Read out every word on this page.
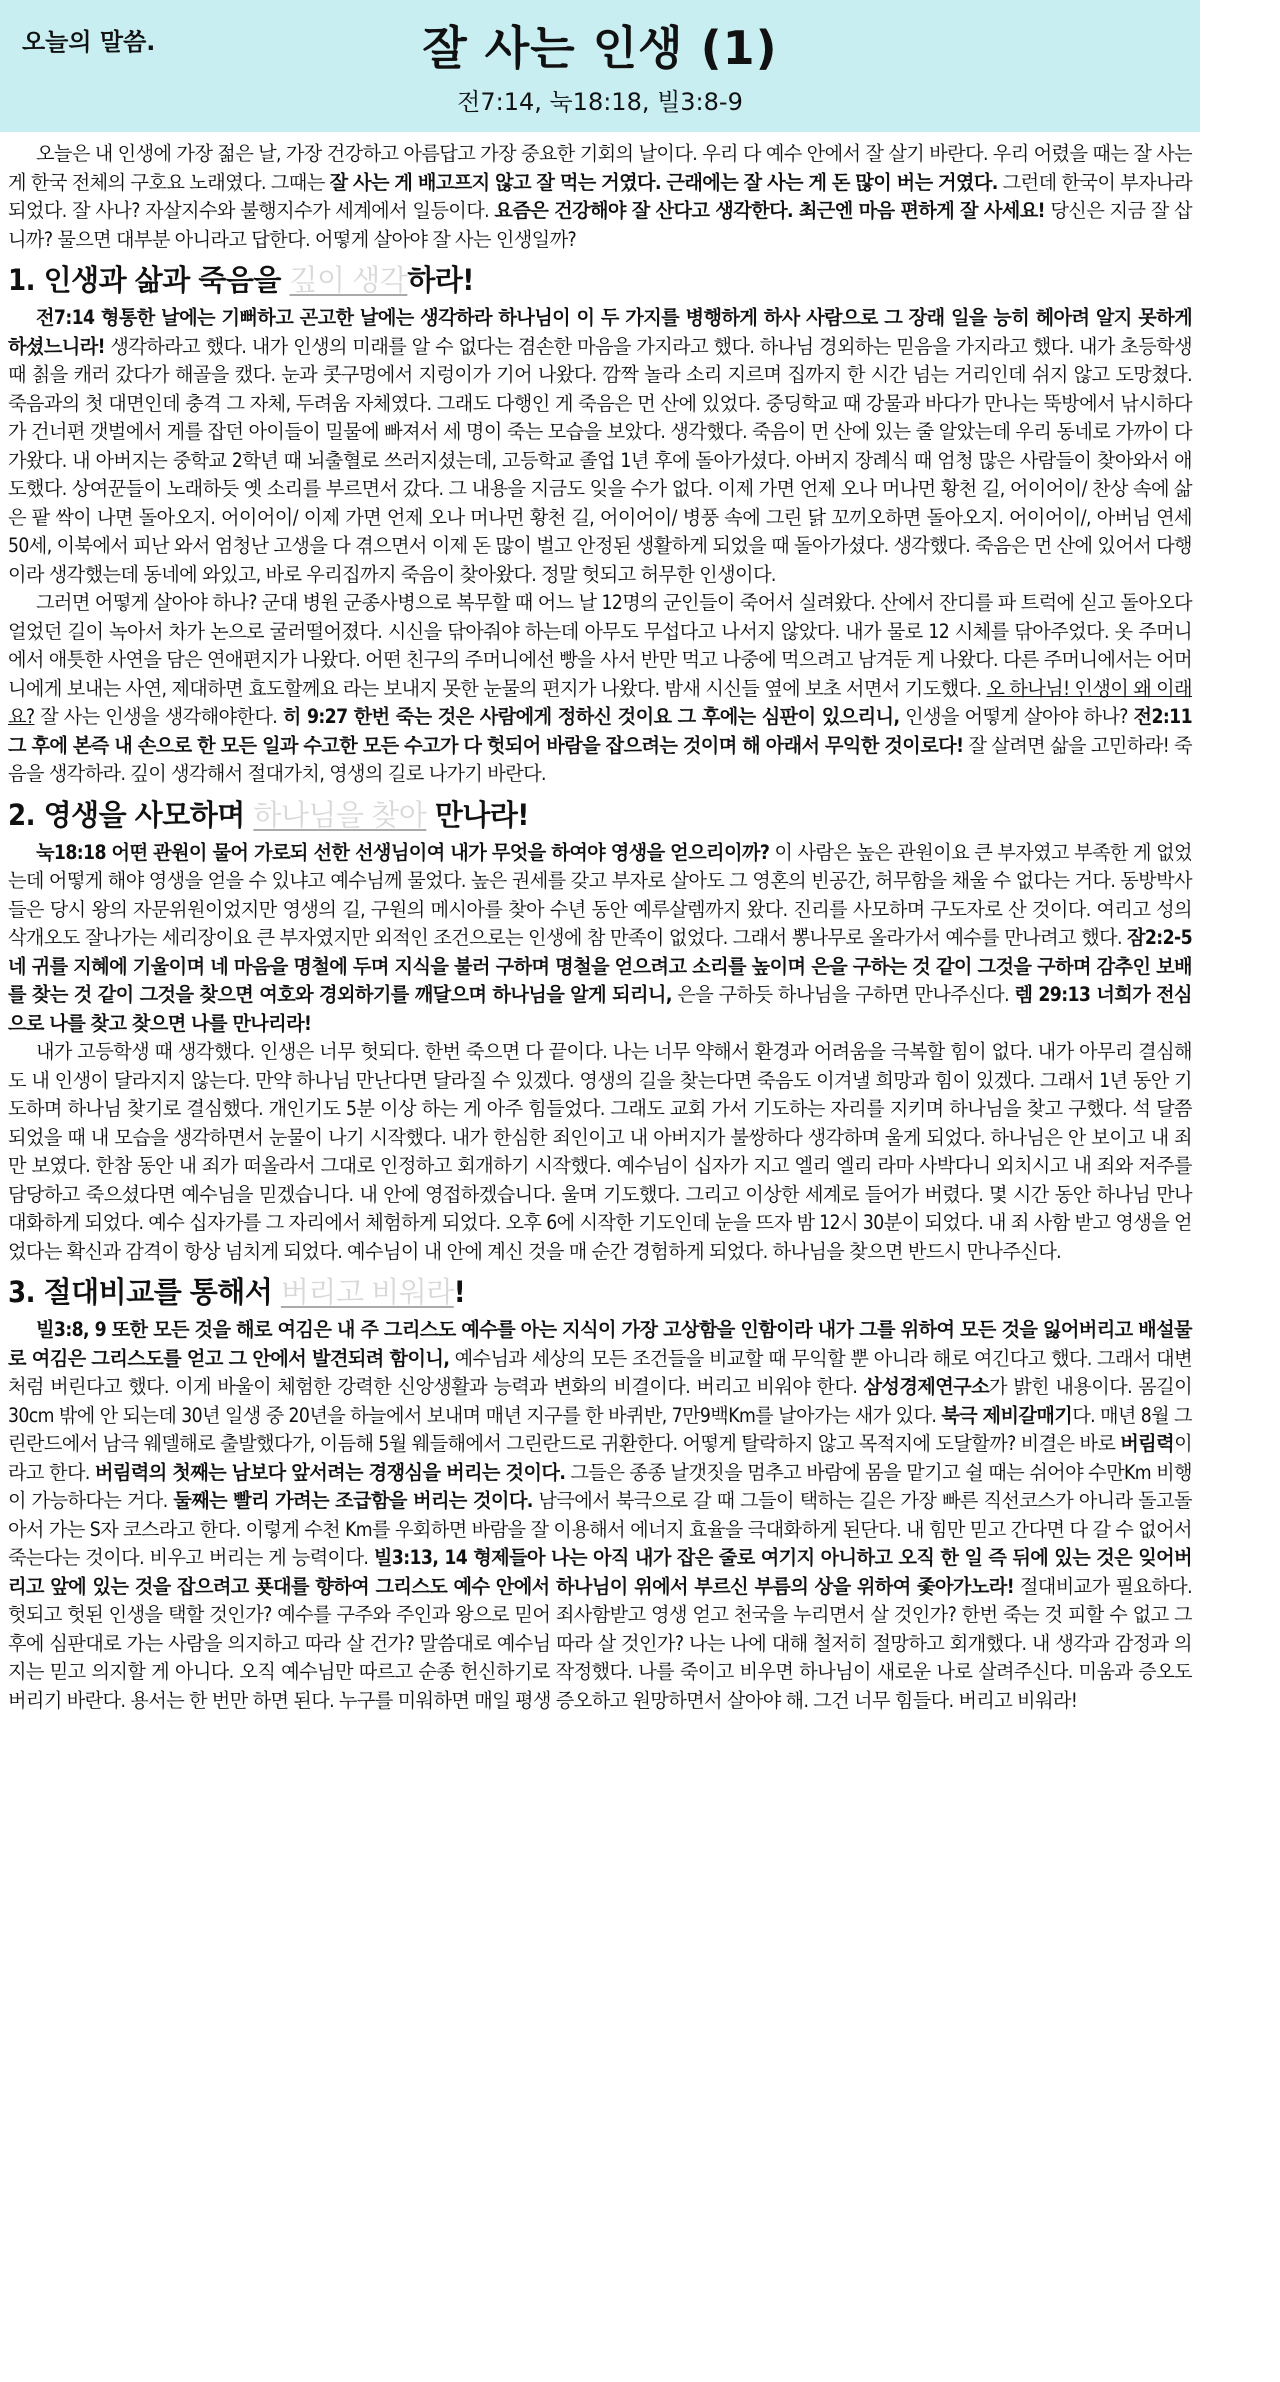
오늘의 말씀.	잘 사는 인생 (1)
전7:14, 눅18:18, 빌3:8-9

오늘은 내 인생에 가장 젊은 날, 가장 건강하고 아름답고 가장 중요한 기회의 날이다. 우리 다 예수 안에서 잘 살기 바란다. 우리 어렸을 때는 잘 사는 게 한국 전체의 구호요 노래였다. 그때는 잘 사는 게 배고프지 않고 잘 먹는 거였다. 근래에는 잘 사는 게 돈 많이 버는 거였다. 그런데 한국이 부자나라 되었다. 잘 사나? 자살지수와 불행지수가 세계에서 일등이다. 요즘은 건강해야 잘 산다고 생각한다. 최근엔 마음 편하게 잘 사세요! 당신은 지금 잘 삽니까? 물으면 대부분 아니라고 답한다. 어떻게 살아야 잘 사는 인생일까?

1. 인생과 삶과 죽음을 깊이 생각하라!

전7:14 형통한 날에는 기뻐하고 곤고한 날에는 생각하라 하나님이 이 두 가지를 병행하게 하사 사람으로 그 장래 일을 능히 헤아려 알지 못하게 하셨느니라! 생각하라고 했다. 내가 인생의 미래를 알 수 없다는 겸손한 마음을 가지라고 했다. 하나님 경외하는 믿음을 가지라고 했다. 내가 초등학생 때 칡을 캐러 갔다가 해골을 캤다. 눈과 콧구멍에서 지렁이가 기어 나왔다. 깜짝 놀라 소리 지르며 집까지 한 시간 넘는 거리인데 쉬지 않고 도망쳤다. 죽음과의 첫 대면인데 충격 그 자체, 두려움 자체였다. 그래도 다행인 게 죽음은 먼 산에 있었다. 중딩학교 때 강물과 바다가 만나는 뚝방에서 낚시하다가 건너편 갯벌에서 게를 잡던 아이들이 밀물에 빠져서 세 명이 죽는 모습을 보았다. 생각했다. 죽음이 먼 산에 있는 줄 알았는데 우리 동네로 가까이 다가왔다. 내 아버지는 중학교 2학년 때 뇌출혈로 쓰러지셨는데, 고등학교 졸업 1년 후에 돌아가셨다. 아버지 장례식 때 엄청 많은 사람들이 찾아와서 애도했다. 상여꾼들이 노래하듯 옛 소리를 부르면서 갔다. 그 내용을 지금도 잊을 수가 없다. 이제 가면 언제 오나 머나먼 황천 길, 어이어이/ 찬상 속에 삶은 팥 싹이 나면 돌아오지. 어이어이/ 이제 가면 언제 오나 머나먼 황천 길, 어이어이/ 병풍 속에 그린 닭 꼬끼오하면 돌아오지. 어이어이/, 아버님 연세 50세, 이북에서 피난 와서 엄청난 고생을 다 겪으면서 이제 돈 많이 벌고 안정된 생활하게 되었을 때 돌아가셨다. 생각했다. 죽음은 먼 산에 있어서 다행이라 생각했는데 동네에 와있고, 바로 우리집까지 죽음이 찾아왔다. 정말 헛되고 허무한 인생이다.

그러면 어떻게 살아야 하나? 군대 병원 군종사병으로 복무할 때 어느 날 12명의 군인들이 죽어서 실려왔다. 산에서 잔디를 파 트럭에 싣고 돌아오다 얼었던 길이 녹아서 차가 논으로 굴러떨어졌다. 시신을 닦아줘야 하는데 아무도 무섭다고 나서지 않았다. 내가 물로 12 시체를 닦아주었다. 옷 주머니에서 애틋한 사연을 담은 연애편지가 나왔다. 어떤 친구의 주머니에선 빵을 사서 반만 먹고 나중에 먹으려고 남겨둔 게 나왔다. 다른 주머니에서는 어머니에게 보내는 사연, 제대하면 효도할께요 라는 보내지 못한 눈물의 편지가 나왔다. 밤새 시신들 옆에 보초 서면서 기도했다. 오 하나님! 인생이 왜 이래요? 잘 사는 인생을 생각해야한다. 히 9:27 한번 죽는 것은 사람에게 정하신 것이요 그 후에는 심판이 있으리니, 인생을 어떻게 살아야 하나? 전2:11 그 후에 본즉 내 손으로 한 모든 일과 수고한 모든 수고가 다 헛되어 바람을 잡으려는 것이며 해 아래서 무익한 것이로다! 잘 살려면 삶을 고민하라! 죽음을 생각하라. 깊이 생각해서 절대가치, 영생의 길로 나가기 바란다.

2. 영생을 사모하며 하나님을 찾아 만나라!

눅18:18 어떤 관원이 물어 가로되 선한 선생님이여 내가 무엇을 하여야 영생을 얻으리이까? 이 사람은 높은 관원이요 큰 부자였고 부족한 게 없었는데 어떻게 해야 영생을 얻을 수 있냐고 예수님께 물었다. 높은 권세를 갖고 부자로 살아도 그 영혼의 빈공간, 허무함을 채울 수 없다는 거다. 동방박사들은 당시 왕의 자문위원이었지만 영생의 길, 구원의 메시아를 찾아 수년 동안 예루살렘까지 왔다. 진리를 사모하며 구도자로 산 것이다. 여리고 성의 삭개오도 잘나가는 세리장이요 큰 부자였지만 외적인 조건으로는 인생에 참 만족이 없었다. 그래서 뽕나무로 올라가서 예수를 만나려고 했다. 잠2:2-5 네 귀를 지혜에 기울이며 네 마음을 명철에 두며 지식을 불러 구하며 명철을 얻으려고 소리를 높이며 은을 구하는 것 같이 그것을 구하며 감추인 보배를 찾는 것 같이 그것을 찾으면 여호와 경외하기를 깨달으며 하나님을 알게 되리니, 은을 구하듯 하나님을 구하면 만나주신다. 렘 29:13 너희가 전심으로 나를 찾고 찾으면 나를 만나리라!

내가 고등학생 때 생각했다. 인생은 너무 헛되다. 한번 죽으면 다 끝이다. 나는 너무 약해서 환경과 어려움을 극복할 힘이 없다. 내가 아무리 결심해도 내 인생이 달라지지 않는다. 만약 하나님 만난다면 달라질 수 있겠다. 영생의 길을 찾는다면 죽음도 이겨낼 희망과 힘이 있겠다. 그래서 1년 동안 기도하며 하나님 찾기로 결심했다. 개인기도 5분 이상 하는 게 아주 힘들었다. 그래도 교회 가서 기도하는 자리를 지키며 하나님을 찾고 구했다. 석 달쯤 되었을 때 내 모습을 생각하면서 눈물이 나기 시작했다. 내가 한심한 죄인이고 내 아버지가 불쌍하다 생각하며 울게 되었다. 하나님은 안 보이고 내 죄만 보였다. 한참 동안 내 죄가 떠올라서 그대로 인정하고 회개하기 시작했다. 예수님이 십자가 지고 엘리 엘리 라마 사박다니 외치시고 내 죄와 저주를 담당하고 죽으셨다면 예수님을 믿겠습니다. 내 안에 영접하겠습니다. 울며 기도했다. 그리고 이상한 세계로 들어가 버렸다. 몇 시간 동안 하나님 만나 대화하게 되었다. 예수 십자가를 그 자리에서 체험하게 되었다. 오후 6에 시작한 기도인데 눈을 뜨자 밤 12시 30분이 되었다. 내 죄 사함 받고 영생을 얻었다는 확신과 감격이 항상 넘치게 되었다. 예수님이 내 안에 계신 것을 매 순간 경험하게 되었다. 하나님을 찾으면 반드시 만나주신다.

3. 절대비교를 통해서 버리고 비워라!

빌3:8, 9 또한 모든 것을 해로 여김은 내 주 그리스도 예수를 아는 지식이 가장 고상함을 인함이라 내가 그를 위하여 모든 것을 잃어버리고 배설물로 여김은 그리스도를 얻고 그 안에서 발견되려 함이니, 예수님과 세상의 모든 조건들을 비교할 때 무익할 뿐 아니라 해로 여긴다고 했다. 그래서 대변처럼 버린다고 했다. 이게 바울이 체험한 강력한 신앙생활과 능력과 변화의 비결이다. 버리고 비워야 한다. 삼성경제연구소가 밝힌 내용이다. 몸길이 30cm 밖에 안 되는데 30년 일생 중 20년을 하늘에서 보내며 매년 지구를 한 바퀴반, 7만9백Km를 날아가는 새가 있다. 북극 제비갈매기다. 매년 8월 그린란드에서 남극 웨델해로 출발했다가, 이듬해 5월 웨들해에서 그린란드로 귀환한다. 어떻게 탈락하지 않고 목적지에 도달할까? 비결은 바로 버림력이라고 한다. 버림력의 첫째는 남보다 앞서려는 경쟁심을 버리는 것이다. 그들은 종종 날갯짓을 멈추고 바람에 몸을 맡기고 쉴 때는 쉬어야 수만Km 비행이 가능하다는 거다. 둘째는 빨리 가려는 조급함을 버리는 것이다. 남극에서 북극으로 갈 때 그들이 택하는 길은 가장 빠른 직선코스가 아니라 돌고돌아서 가는 S자 코스라고 한다. 이렇게 수천 Km를 우회하면 바람을 잘 이용해서 에너지 효율을 극대화하게 된단다. 내 힘만 믿고 간다면 다 갈 수 없어서 죽는다는 것이다. 비우고 버리는 게 능력이다. 빌3:13, 14 형제들아 나는 아직 내가 잡은 줄로 여기지 아니하고 오직 한 일 즉 뒤에 있는 것은 잊어버리고 앞에 있는 것을 잡으려고 푯대를 향하여 그리스도 예수 안에서 하나님이 위에서 부르신 부름의 상을 위하여 좇아가노라! 절대비교가 필요하다. 헛되고 헛된 인생을 택할 것인가? 예수를 구주와 주인과 왕으로 믿어 죄사함받고 영생 얻고 천국을 누리면서 살 것인가? 한번 죽는 것 피할 수 없고 그 후에 심판대로 가는 사람을 의지하고 따라 살 건가? 말씀대로 예수님 따라 살 것인가? 나는 나에 대해 철저히 절망하고 회개했다. 내 생각과 감정과 의지는 믿고 의지할 게 아니다. 오직 예수님만 따르고 순종 헌신하기로 작정했다. 나를 죽이고 비우면 하나님이 새로운 나로 살려주신다. 미움과 증오도 버리기 바란다. 용서는 한 번만 하면 된다. 누구를 미워하면 매일 평생 증오하고 원망하면서 살아야 해. 그건 너무 힘들다. 버리고 비워라!
